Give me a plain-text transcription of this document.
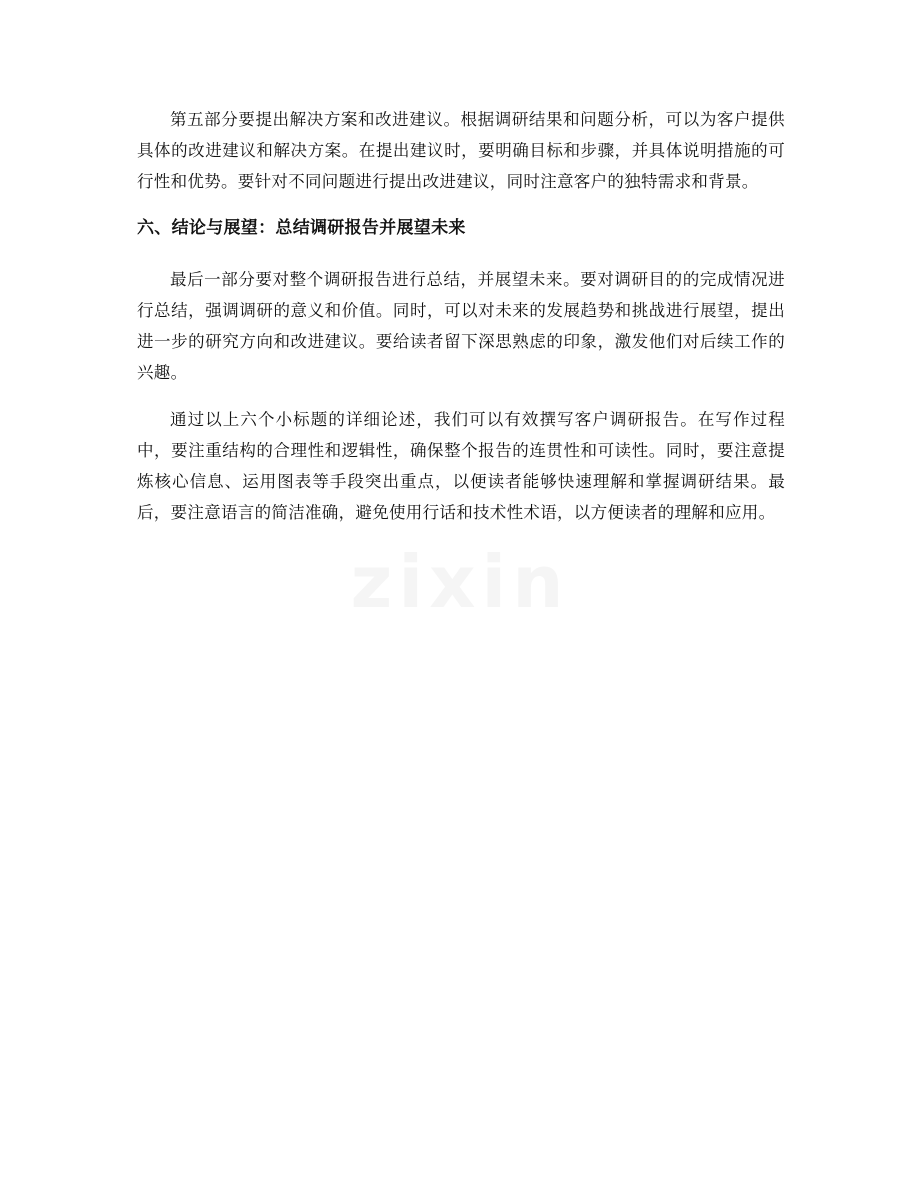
第五部分要提出解决方案和改进建议。根据调研结果和问题分析，可以为客户提供具体的改进建议和解决方案。在提出建议时，要明确目标和步骤，并具体说明措施的可行性和优势。要针对不同问题进行提出改进建议，同时注意客户的独特需求和背景。

六、结论与展望：总结调研报告并展望未来

最后一部分要对整个调研报告进行总结，并展望未来。要对调研目的的完成情况进行总结，强调调研的意义和价值。同时，可以对未来的发展趋势和挑战进行展望，提出进一步的研究方向和改进建议。要给读者留下深思熟虑的印象，激发他们对后续工作的兴趣。

通过以上六个小标题的详细论述，我们可以有效撰写客户调研报告。在写作过程中，要注重结构的合理性和逻辑性，确保整个报告的连贯性和可读性。同时，要注意提炼核心信息、运用图表等手段突出重点，以便读者能够快速理解和掌握调研结果。最后，要注意语言的简洁准确，避免使用行话和技术性术语，以方便读者的理解和应用。

zixin
